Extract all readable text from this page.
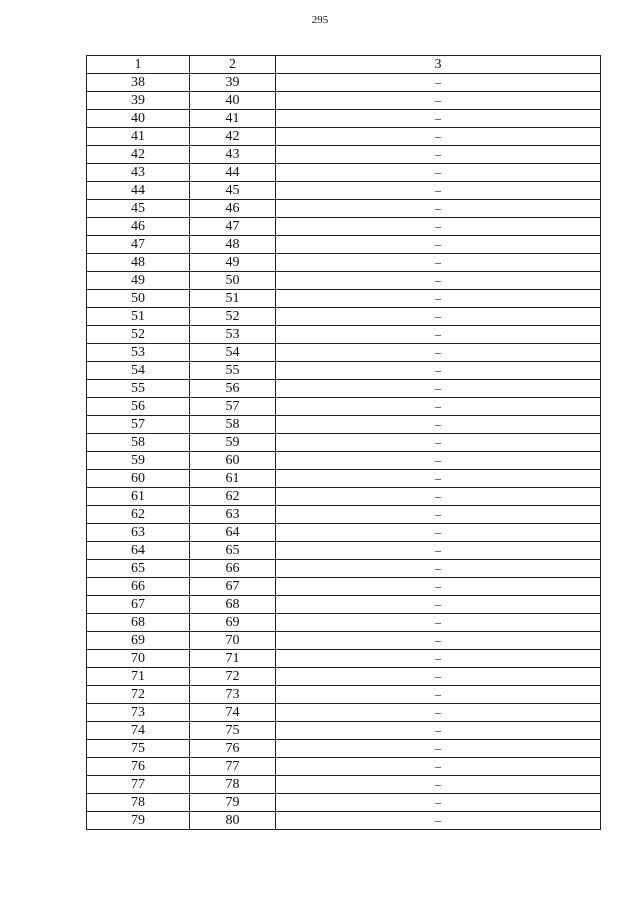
295
1	2	3
38	39	–
39	40	–
40	41	–
41	42	–
42	43	–
43	44	–
44	45	–
45	46	–
46	47	–
47	48	–
48	49	–
49	50	–
50	51	–
51	52	–
52	53	–
53	54	–
54	55	–
55	56	–
56	57	–
57	58	–
58	59	–
59	60	–
60	61	–
61	62	–
62	63	–
63	64	–
64	65	–
65	66	–
66	67	–
67	68	–
68	69	–
69	70	–
70	71	–
71	72	–
72	73	–
73	74	–
74	75	–
75	76	–
76	77	–
77	78	–
78	79	–
79	80	–
